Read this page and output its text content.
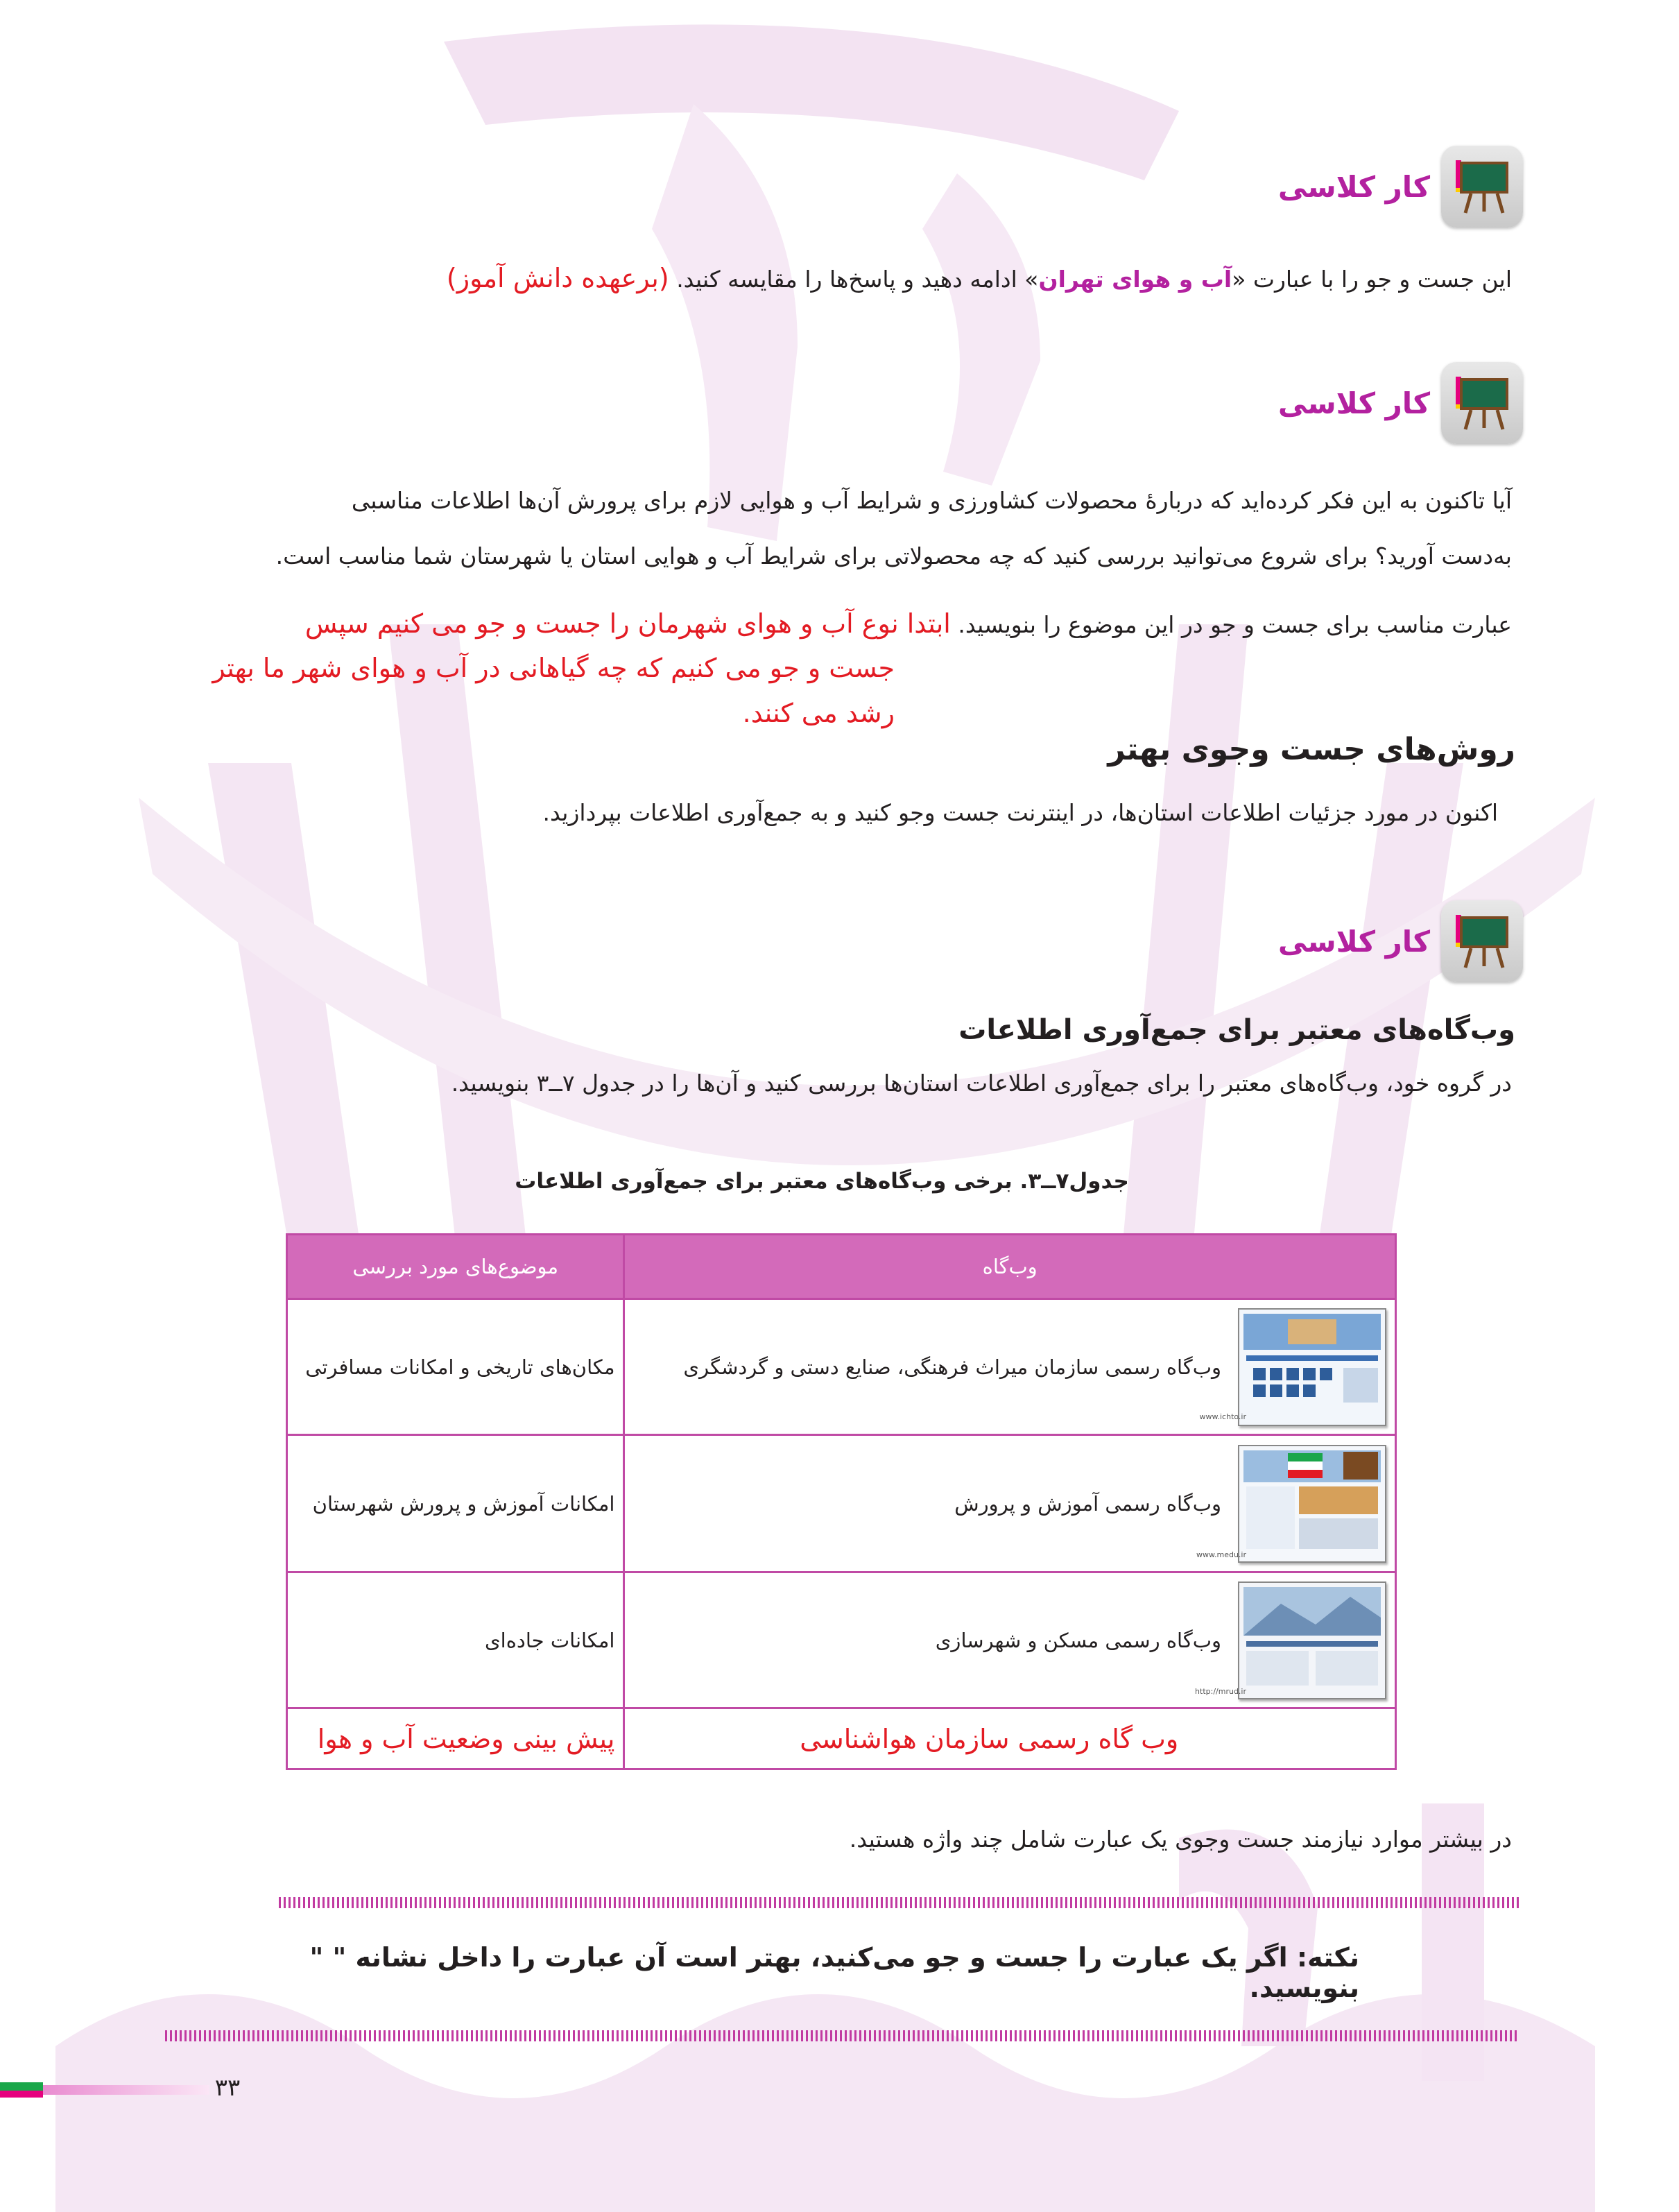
کار کلاسی
این جست و جو را با عبارت «آب و هوای تهران» ادامه دهید و پاسخ‌ها را مقایسه کنید. (برعهده دانش آموز)
کار کلاسی
آیا تاکنون به این فکر کرده‌اید که دربارهٔ محصولات کشاورزی و شرایط آب و هوایی لازم برای پرورش آن‌ها اطلاعات مناسبی
به‌دست آورید؟ برای شروع می‌توانید بررسی کنید که چه محصولاتی برای شرایط آب و هوایی استان یا شهرستان شما مناسب است.
عبارت مناسب برای جست و جو در این موضوع را بنویسید. ابتدا نوع آب و هوای شهرمان را جست و جو می کنیم سپس
جست و جو می کنیم که چه گیاهانی در آب و هوای شهر ما بهتر
رشد می کنند.
روش‌های جست وجوی بهتر
اکنون در مورد جزئیات اطلاعات استان‌ها، در اینترنت جست وجو کنید و به جمع‌آوری اطلاعات بپردازید.
کار کلاسی
وب‌گاه‌های معتبر برای جمع‌آوری اطلاعات
در گروه خود، وب‌گاه‌های معتبر را برای جمع‌آوری اطلاعات استان‌ها بررسی کنید و آن‌ها را در جدول ۷ــ۳ بنویسید.
جدول۷ــ۳. برخی وب‌گاه‌های معتبر برای جمع‌آوری اطلاعات
وب‌گاه	موضوع‌های مورد بررسی

www.ichto.ir
وب‌گاه رسمی سازمان میراث فرهنگی، صنایع دستی و گردشگری	مکان‌های تاریخی و امکانات مسافرتی

www.medu.ir
وب‌گاه رسمی آموزش و پرورش	امکانات آموزش و پرورش شهرستان

http://mrud.ir
وب‌گاه رسمی مسکن و شهرسازی	امکانات جاده‌ای
وب گاه رسمی سازمان هواشناسی	پیش بینی وضعیت آب و هوا
در بیشتر موارد نیازمند جست وجوی یک عبارت شامل چند واژه هستید.
نکته: اگر یک عبارت را جست و جو می‌کنید، بهتر است آن عبارت را داخل نشانه " " بنویسید.
۳۳
